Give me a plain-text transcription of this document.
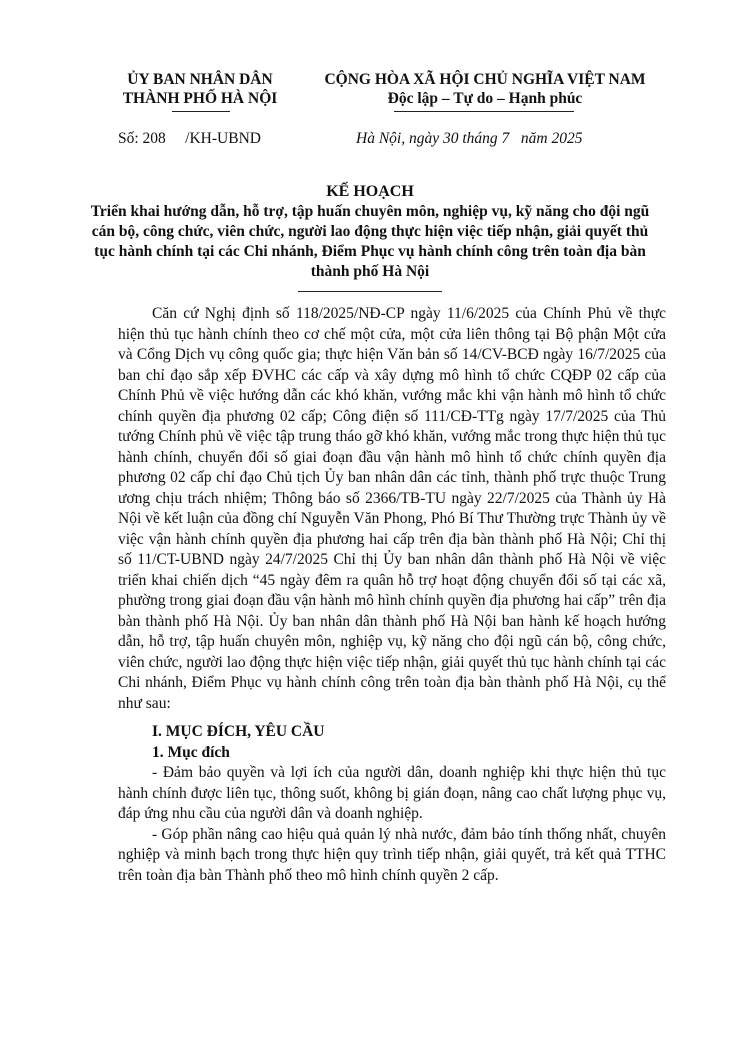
ỦY BAN NHÂN DÂN
THÀNH PHỐ HÀ NỘI
CỘNG HÒA XÃ HỘI CHỦ NGHĨA VIỆT NAM
Độc lập – Tự do – Hạnh phúc
Số: 208     /KH-UBND	Hà Nội, ngày 30 tháng 7   năm 2025
KẾ HOẠCH
Triển khai hướng dẫn, hỗ trợ, tập huấn chuyên môn, nghiệp vụ, kỹ năng cho đội ngũ cán bộ, công chức, viên chức, người lao động thực hiện việc tiếp nhận, giải quyết thủ tục hành chính tại các Chi nhánh, Điểm Phục vụ hành chính công trên toàn địa bàn thành phố Hà Nội

Căn cứ Nghị định số 118/2025/NĐ-CP ngày 11/6/2025 của Chính Phủ về thực hiện thủ tục hành chính theo cơ chế một cửa, một cửa liên thông tại Bộ phận Một cửa và Cổng Dịch vụ công quốc gia; thực hiện Văn bản số 14/CV-BCĐ ngày 16/7/2025 của ban chỉ đạo sắp xếp ĐVHC các cấp và xây dựng mô hình tổ chức CQĐP 02 cấp của Chính Phủ về việc hướng dẫn các khó khăn, vướng mắc khi vận hành mô hình tổ chức chính quyền địa phương 02 cấp; Công điện số 111/CĐ-TTg ngày 17/7/2025 của Thủ tướng Chính phủ về việc tập trung tháo gỡ khó khăn, vướng mắc trong thực hiện thủ tục hành chính, chuyển đổi số giai đoạn đầu vận hành mô hình tổ chức chính quyền địa phương 02 cấp chỉ đạo Chủ tịch Ủy ban nhân dân các tỉnh, thành phố trực thuộc Trung ương chịu trách nhiệm; Thông báo số 2366/TB-TU ngày 22/7/2025 của Thành ủy Hà Nội về kết luận của đồng chí Nguyễn Văn Phong, Phó Bí Thư Thường trực Thành ủy về việc vận hành chính quyền địa phương hai cấp trên địa bàn thành phố Hà Nội; Chỉ thị số 11/CT-UBND ngày 24/7/2025 Chỉ thị Ủy ban nhân dân thành phố Hà Nội về việc triển khai chiến dịch “45 ngày đêm ra quân hỗ trợ hoạt động chuyển đổi số tại các xã, phường trong giai đoạn đầu vận hành mô hình chính quyền địa phương hai cấp” trên địa bàn thành phố Hà Nội. Ủy ban nhân dân thành phố Hà Nội ban hành kế hoạch hướng dẫn, hỗ trợ, tập huấn chuyên môn, nghiệp vụ, kỹ năng cho đội ngũ cán bộ, công chức, viên chức, người lao động thực hiện việc tiếp nhận, giải quyết thủ tục hành chính tại các Chi nhánh, Điểm Phục vụ hành chính công trên toàn địa bàn thành phố Hà Nội, cụ thể như sau:

I. MỤC ĐÍCH, YÊU CẦU

1. Mục đích

- Đảm bảo quyền và lợi ích của người dân, doanh nghiệp khi thực hiện thủ tục hành chính được liên tục, thông suốt, không bị gián đoạn, nâng cao chất lượng phục vụ, đáp ứng nhu cầu của người dân và doanh nghiệp.

- Góp phần nâng cao hiệu quả quản lý nhà nước, đảm bảo tính thống nhất, chuyên nghiệp và minh bạch trong thực hiện quy trình tiếp nhận, giải quyết, trả kết quả TTHC trên toàn địa bàn Thành phố theo mô hình chính quyền 2 cấp.
